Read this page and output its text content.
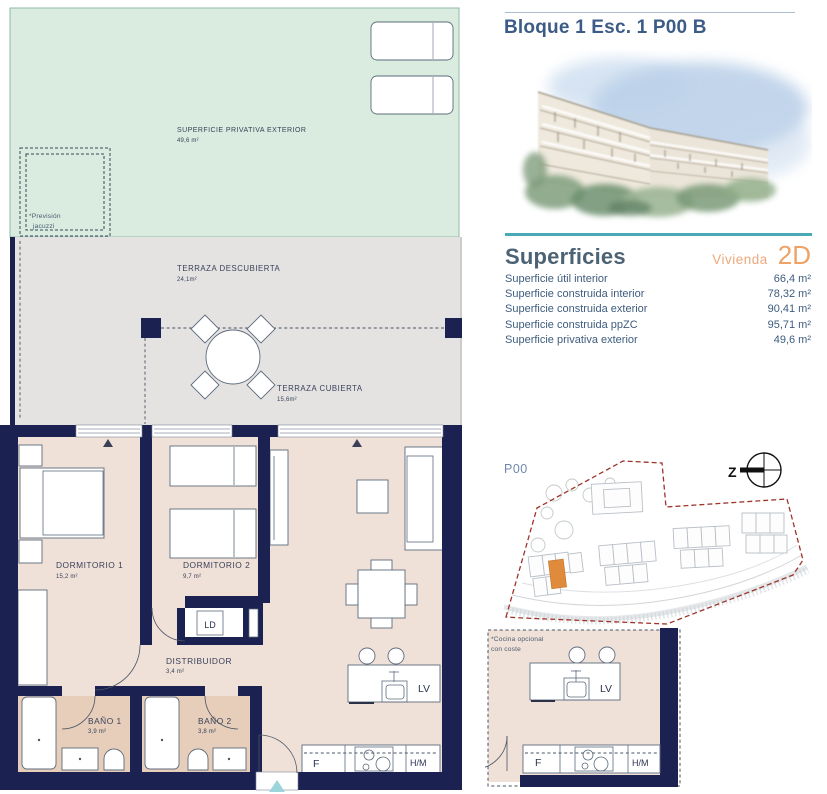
*Previsión
jacuzzi
SUPERFICIE PRIVATIVA EXTERIOR
49,6 m²
TERRAZA DESCUBIERTA
24,1m²
TERRAZA CUBIERTA
15,6m²
DORMITORIO 1
15,2 m²
DORMITORIO 2
9,7 m²
LV
F	H/M
BAÑO 1
3,9 m²
BAÑO 2
3,8 m²
LD
DISTRIBUIDOR
3,4 m²
Bloque 1 Esc. 1 P00 B
Superficies	Vivienda 2D
Superficie útil interior	66,4 m²
Superficie construida interior	78,32 m²
Superficie construida exterior	90,41 m²
Superficie construida ppZC	95,71 m²
Superficie privativa exterior	49,6 m²
P00	Z
*Cocina opcional
con coste
LV
F	H/M
